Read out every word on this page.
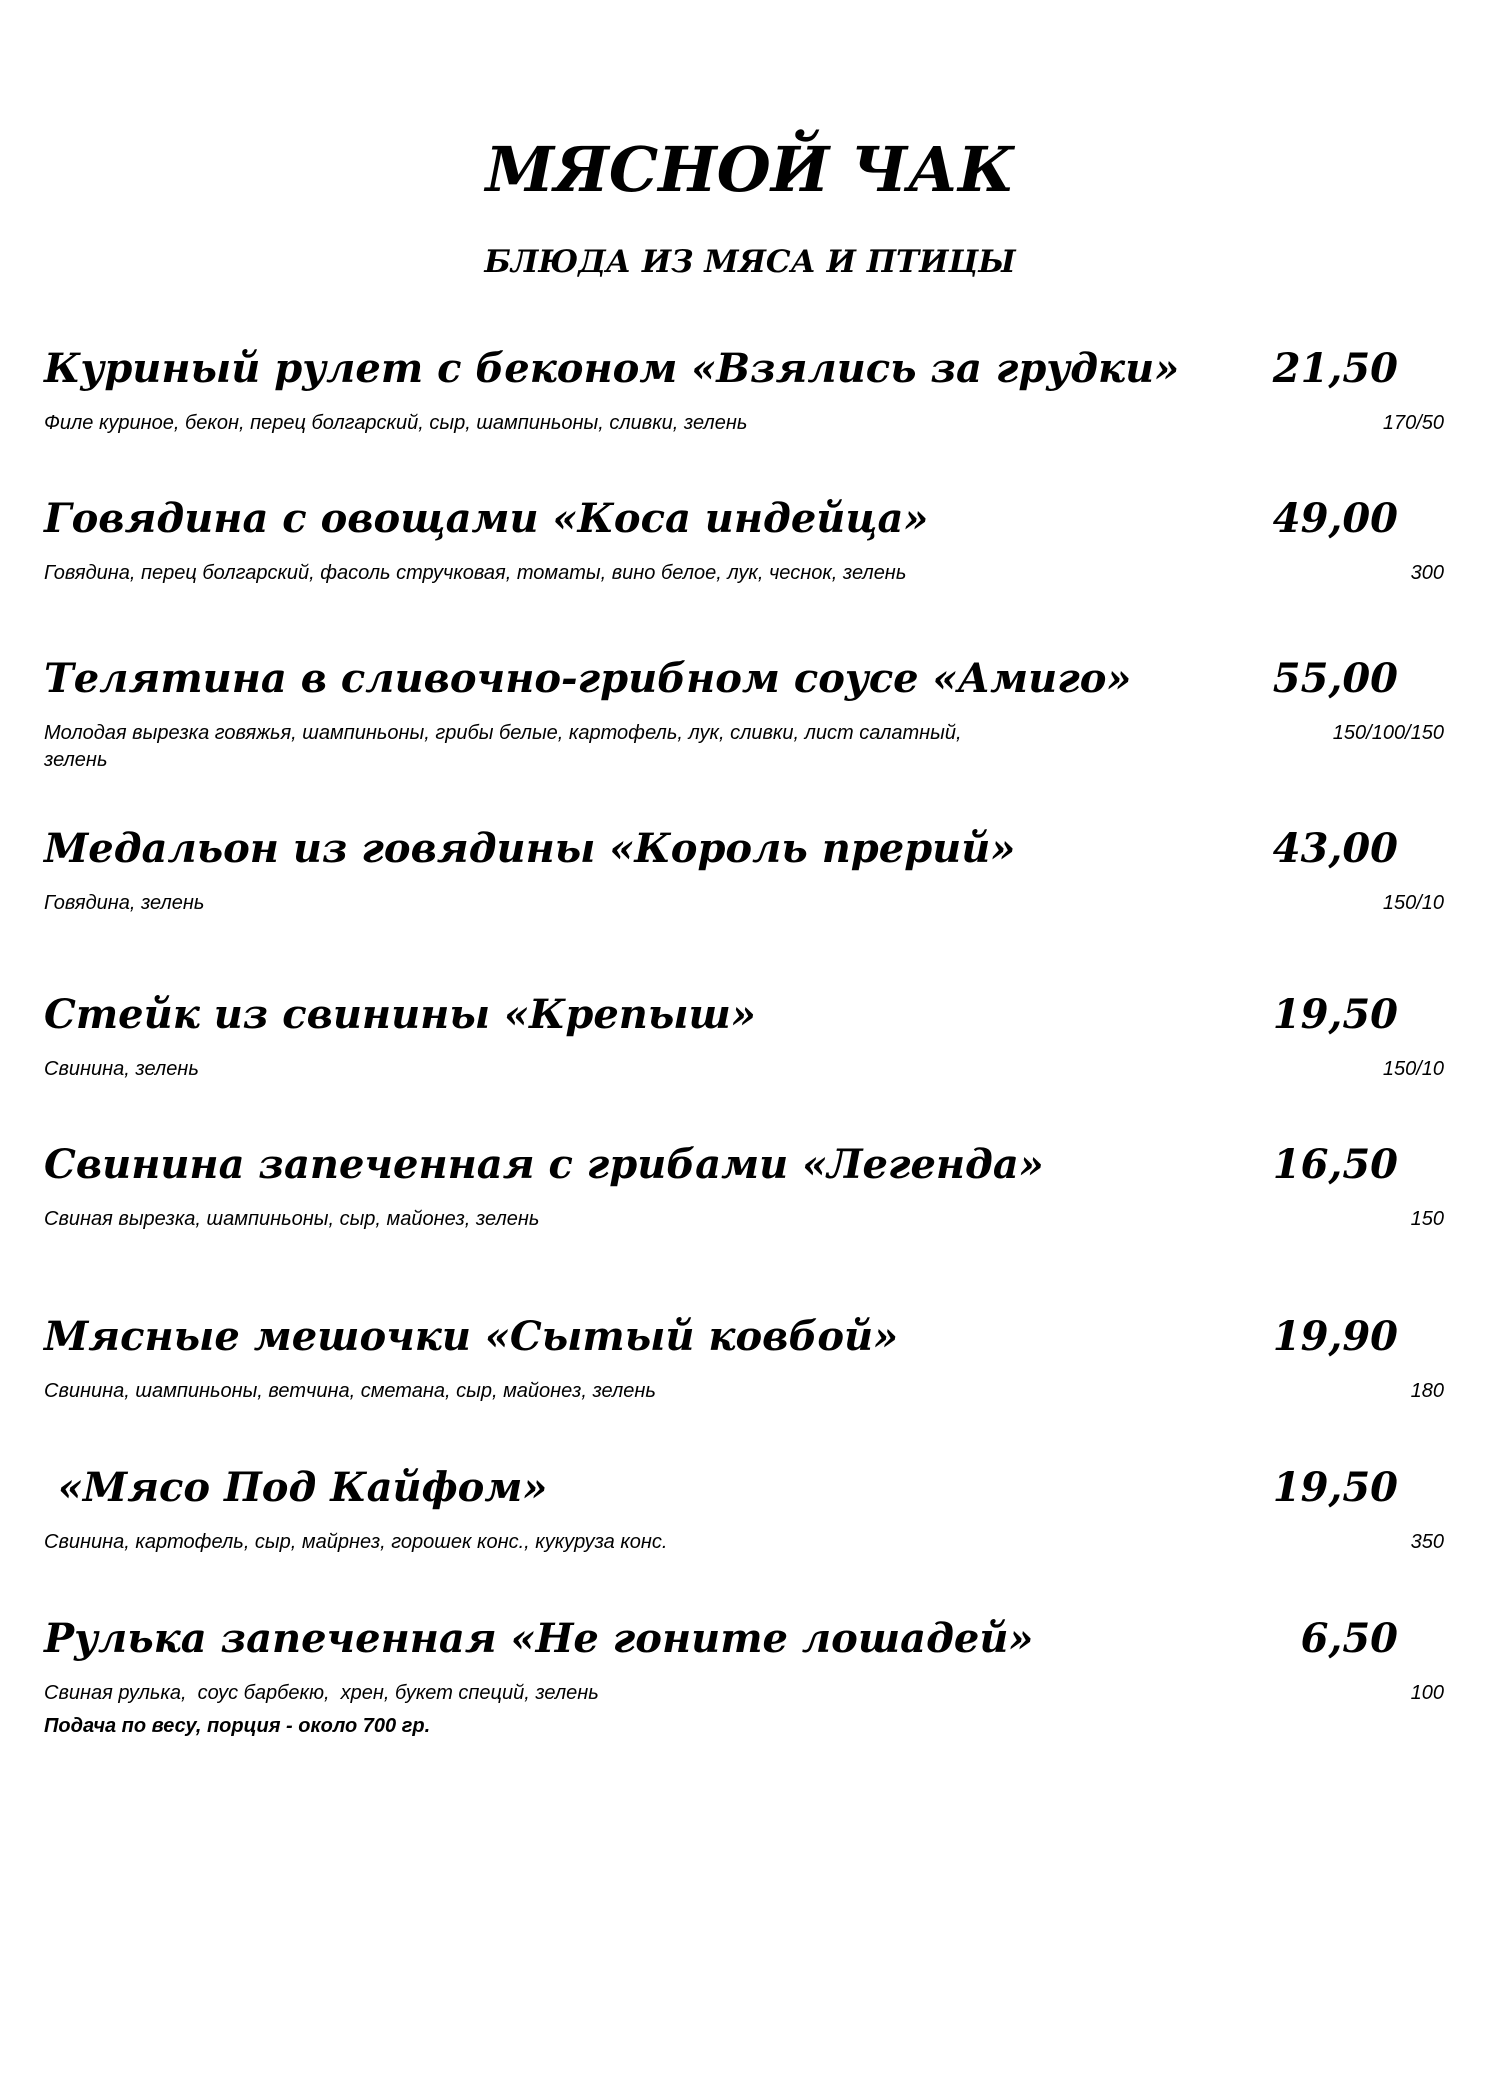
МЯСНОЙ ЧАК
БЛЮДА ИЗ МЯСА И ПТИЦЫ
Куриный рулет с беконом «Взялись за грудки»	21,50
Филе куриное, бекон, перец болгарский, сыр, шампиньоны, сливки, зелень	170/50
Говядина с овощами «Коса индейца»	49,00
Говядина, перец болгарский, фасоль стручковая, томаты, вино белое, лук, чеснок, зелень	300
Телятина в сливочно-грибном соусе «Амиго»	55,00
Молодая вырезка говяжья, шампиньоны, грибы белые, картофель, лук, сливки, лист салатный, зелень
150/100/150
Медальон из говядины «Король прерий»	43,00
Говядина, зелень	150/10
Стейк из свинины «Крепыш»	19,50
Свинина, зелень	150/10
Свинина запеченная с грибами «Легенда»	16,50
Свиная вырезка, шампиньоны, сыр, майонез, зелень	150
Мясные мешочки «Сытый ковбой»	19,90
Свинина, шампиньоны, ветчина, сметана, сыр, майонез, зелень	180
«Мясо Под Кайфом»	19,50
Свинина, картофель, сыр, майрнез, горошек конс., кукуруза конс.	350
Рулька запеченная «Не гоните лошадей»	6,50
Свиная рулька,  соус барбекю,  хрен, букет специй, зелень	100
Подача по весу, порция - около 700 гр.
